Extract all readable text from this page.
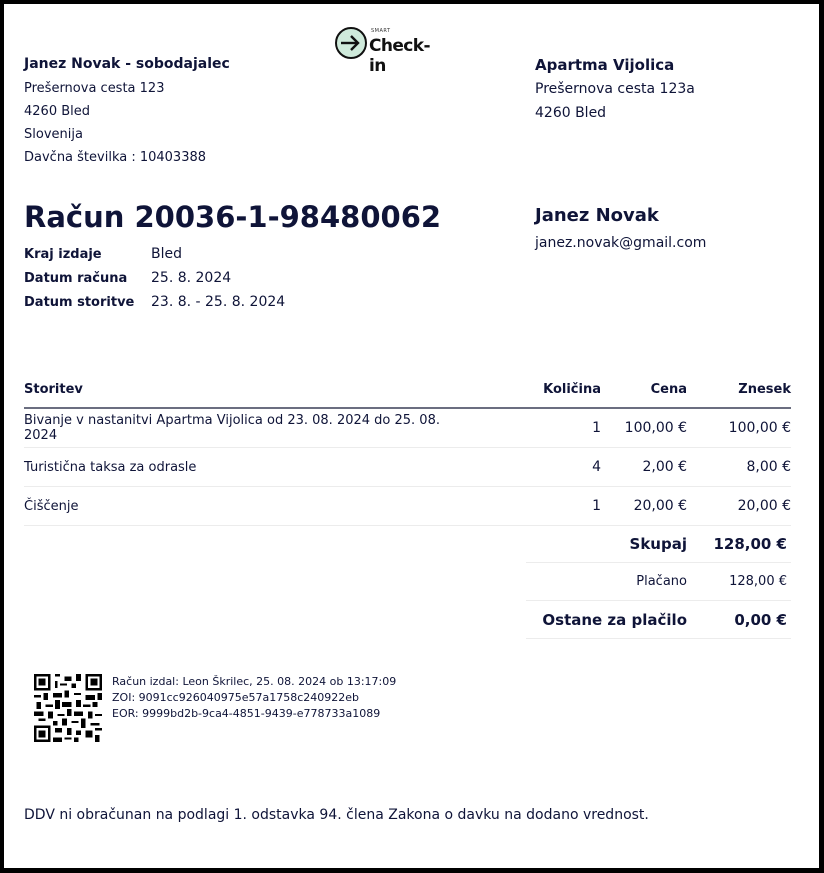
SMART
Check-in
Janez Novak - sobodajalec
Prešernova cesta 123
4260 Bled
Slovenija
Davčna številka : 10403388
Apartma Vijolica
Prešernova cesta 123a
4260 Bled
Račun 20036-1-98480062
Kraj izdaje	Bled
Datum računa	25. 8. 2024
Datum storitve	23. 8. - 25. 8. 2024
Janez Novak
janez.novak@gmail.com
Storitev	Količina	Cena	Znesek
Bivanje v nastanitvi Apartma Vijolica od 23. 08. 2024 do 25. 08. 2024	1	100,00 €	100,00 €
Turistična taksa za odrasle	4	2,00 €	8,00 €
Čiščenje	1	20,00 €	20,00 €
Skupaj	128,00 €
Plačano	128,00 €
Ostane za plačilo	0,00 €
Račun izdal: Leon Škrilec, 25. 08. 2024 ob 13:17:09
ZOI: 9091cc926040975e57a1758c240922eb
EOR: 9999bd2b-9ca4-4851-9439-e778733a1089
DDV ni obračunan na podlagi 1. odstavka 94. člena Zakona o davku na dodano vrednost.
